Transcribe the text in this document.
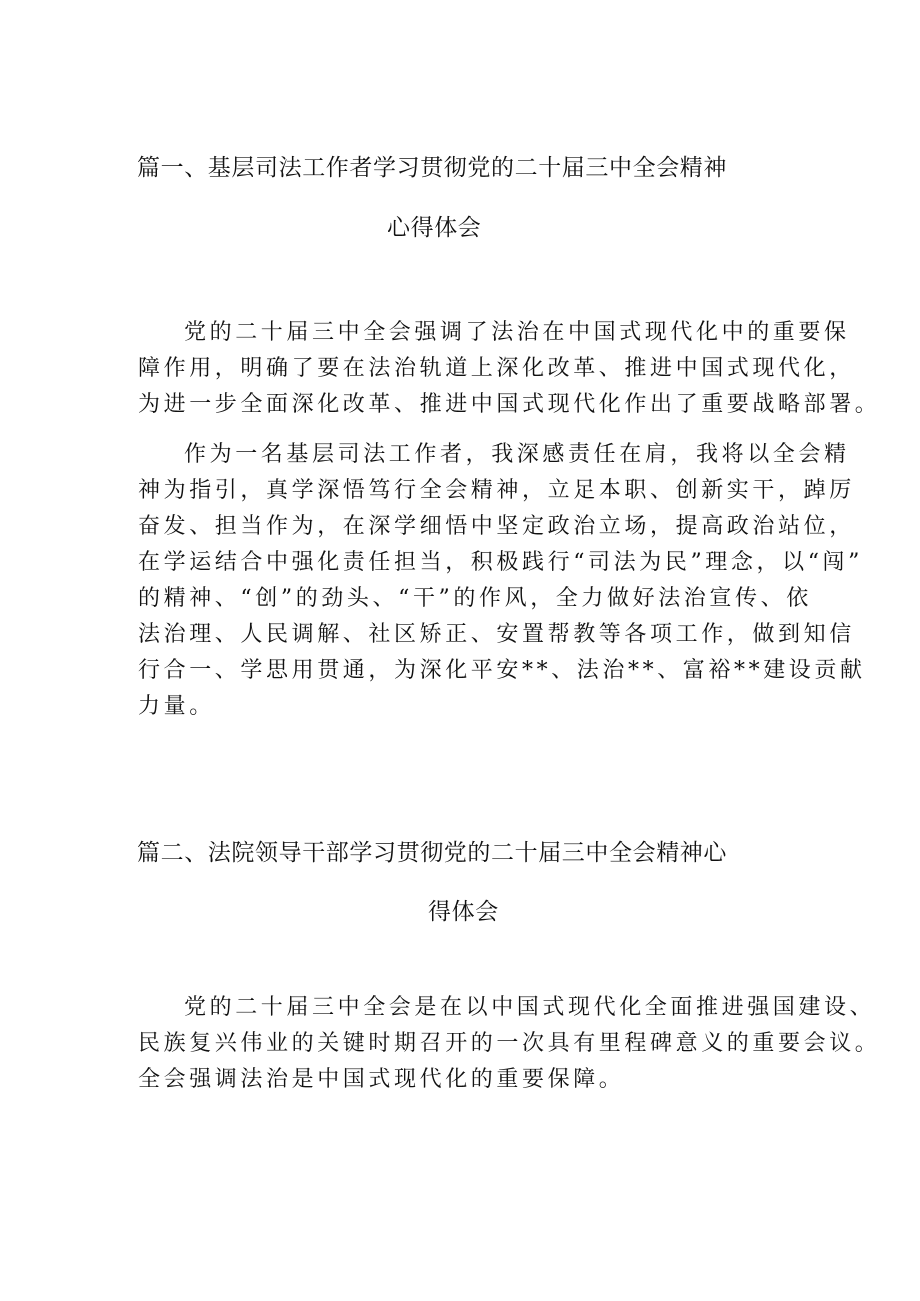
篇一、基层司法工作者学习贯彻党的二十届三中全会精神
心得体会

党的二十届三中全会强调了法治在中国式现代化中的重要保
障作用，明确了要在法治轨道上深化改革、推进中国式现代化，
为进一步全面深化改革、推进中国式现代化作出了重要战略部署。

作为一名基层司法工作者，我深感责任在肩，我将以全会精
神为指引，真学深悟笃行全会精神，立足本职、创新实干，踔厉
奋发、担当作为，在深学细悟中坚定政治立场，提高政治站位，
在学运结合中强化责任担当，积极践行“司法为民”理念，以“闯”
的精神、“创”的劲头、“干”的作风，全力做好法治宣传、依
法治理、人民调解、社区矫正、安置帮教等各项工作，做到知信
行合一、学思用贯通，为深化平安**、法治**、富裕**建设贡献
力量。

篇二、法院领导干部学习贯彻党的二十届三中全会精神心
得体会

党的二十届三中全会是在以中国式现代化全面推进强国建设、
民族复兴伟业的关键时期召开的一次具有里程碑意义的重要会议。
全会强调法治是中国式现代化的重要保障。
